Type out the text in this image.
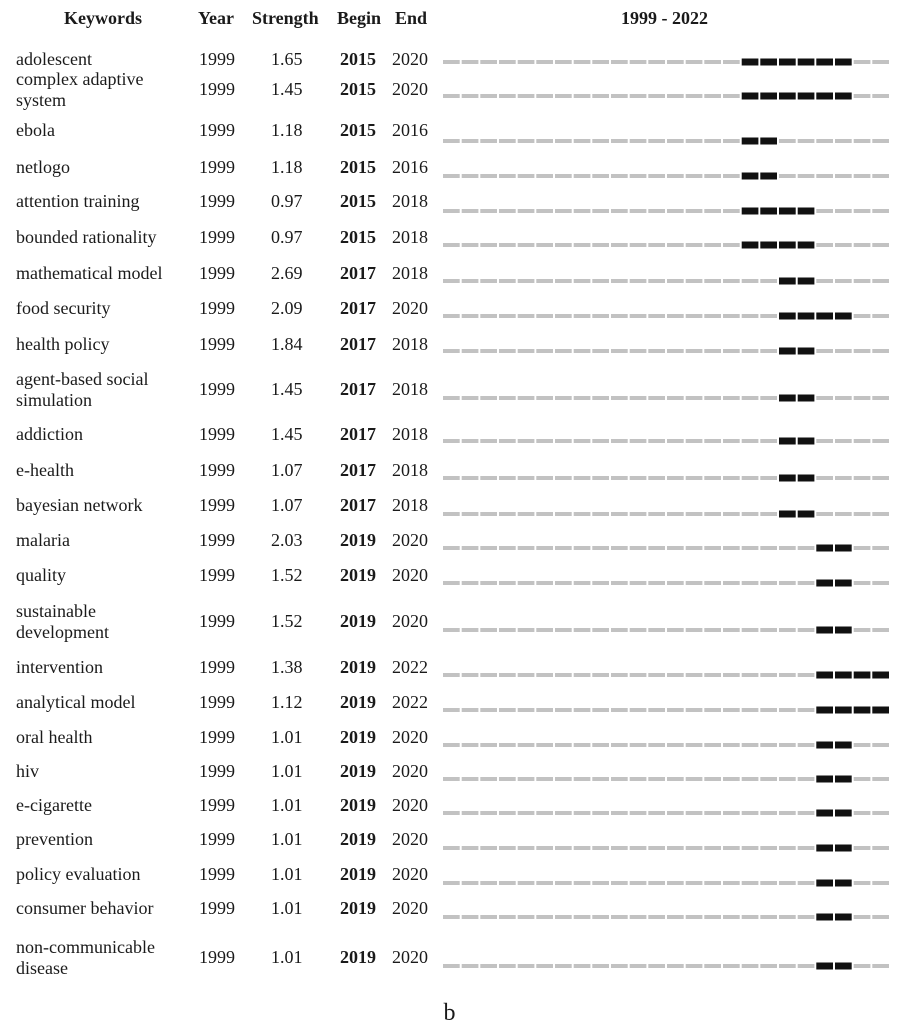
Keywords	Year Strength Begin End	1999 - 2022
adolescent	1999 1.65 2015 2020
complex adaptive system
1999 1.45 2015 2020
ebola	1999 1.18 2015 2016
netlogo	1999 1.18 2015 2016
attention training	1999 0.97 2015 2018
bounded rationality	1999 0.97 2015 2018
mathematical model	1999 2.69 2017 2018
food security	1999 2.09 2017 2020
health policy	1999 1.84 2017 2018
agent-based social simulation
1999 1.45 2017 2018
addiction	1999 1.45 2017 2018
e-health	1999 1.07 2017 2018
bayesian network	1999 1.07 2017 2018
malaria	1999 2.03 2019 2020
quality	1999 1.52 2019 2020
sustainable development
1999 1.52 2019 2020
intervention	1999 1.38 2019 2022
analytical model	1999 1.12 2019 2022
oral health	1999 1.01 2019 2020
hiv	1999 1.01 2019 2020
e-cigarette	1999 1.01 2019 2020
prevention	1999 1.01 2019 2020
policy evaluation	1999 1.01 2019 2020
consumer behavior	1999 1.01 2019 2020
non-communicable disease
1999 1.01 2019 2020
b
